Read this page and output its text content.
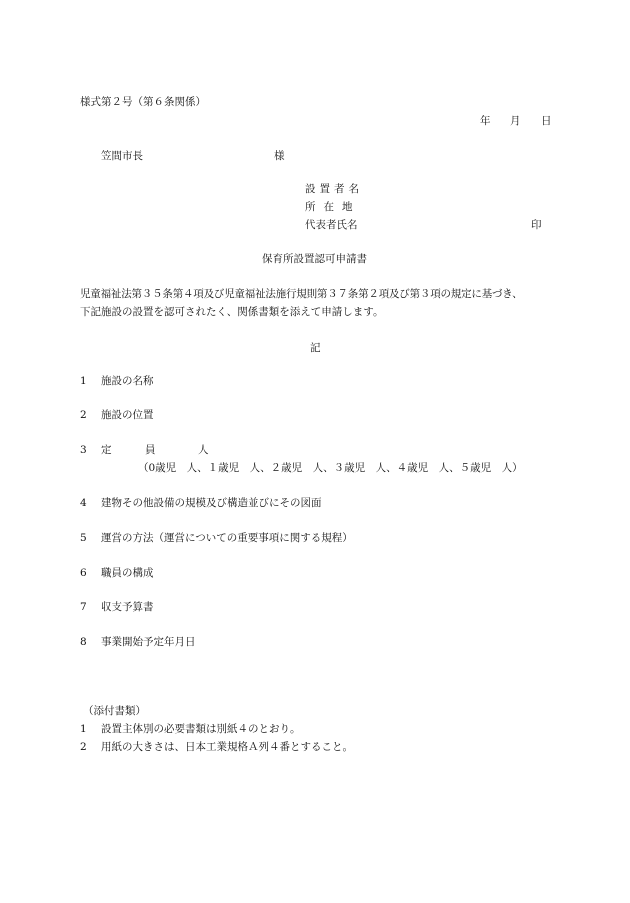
様式第２号（第６条関係）
年 月 日
笠間市長	様
設置者名
所在地
代表者氏名	印
保育所設置認可申請書
児童福祉法第３５条第４項及び児童福祉法施行規則第３７条第２項及び第３項の規定に基づき、
下記施設の設置を認可されたく、関係書類を添えて申請します。
記
1 施設の名称
2 施設の位置
3 定	員	人
（0歳児　人、１歳児　人、２歳児　人、３歳児　人、４歳児　人、５歳児　人）
4 建物その他設備の規模及び構造並びにその図面
5 運営の方法（運営についての重要事項に関する規程）
6 職員の構成
7 収支予算書
8 事業開始予定年月日
（添付書類）
1 設置主体別の必要書類は別紙４のとおり。
2 用紙の大きさは、日本工業規格Ａ列４番とすること。
